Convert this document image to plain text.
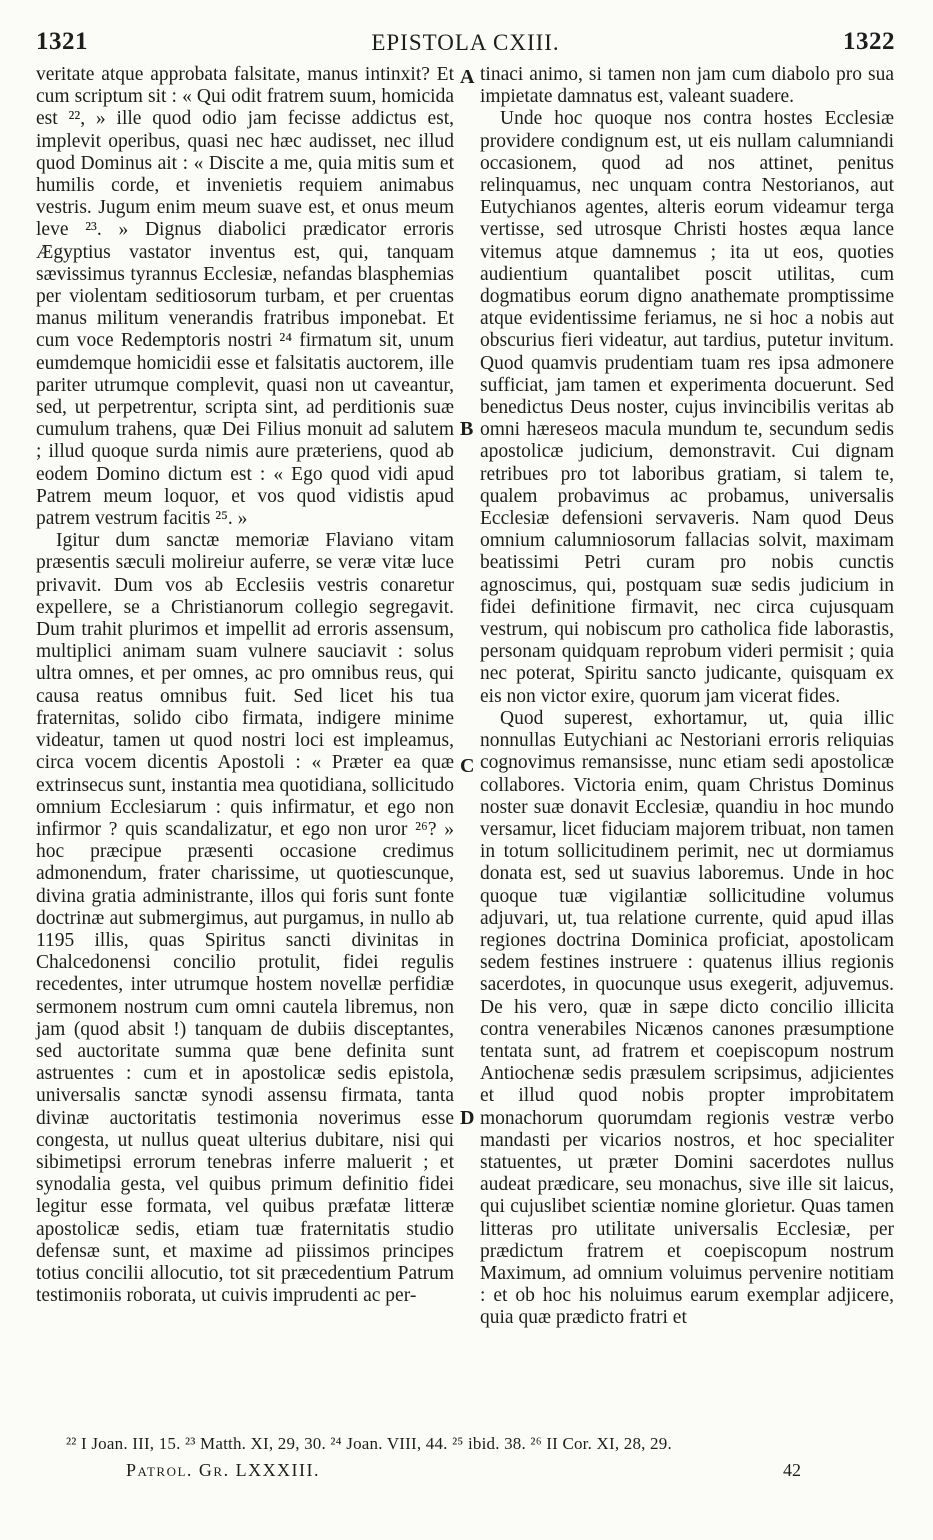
1321	EPISTOLA CXIII.	1322

veritate atque approbata falsitate, manus intinxit? Et cum scriptum sit : « Qui odit fratrem suum, homicida est ²², » ille quod odio jam fecisse addictus est, implevit operibus, quasi nec hæc audisset, nec illud quod Dominus ait : « Discite a me, quia mitis sum et humilis corde, et invenietis requiem animabus vestris. Jugum enim meum suave est, et onus meum leve ²³. » Dignus diabolici prædicator erroris Ægyptius vastator inventus est, qui, tanquam sævissimus tyrannus Ecclesiæ, nefandas blasphemias per violentam seditiosorum turbam, et per cruentas manus militum venerandis fratribus imponebat. Et cum voce Redemptoris nostri ²⁴ firmatum sit, unum eumdemque homicidii esse et falsitatis auctorem, ille pariter utrumque complevit, quasi non ut caveantur, sed, ut perpetrentur, scripta sint, ad perditionis suæ cumulum trahens, quæ Dei Filius monuit ad salutem ; illud quoque surda nimis aure præteriens, quod ab eodem Domino dictum est : « Ego quod vidi apud Patrem meum loquor, et vos quod vidistis apud patrem vestrum facitis ²⁵. »

Igitur dum sanctæ memoriæ Flaviano vitam præsentis sæculi molireiur auferre, se veræ vitæ luce privavit. Dum vos ab Ecclesiis vestris conaretur expellere, se a Christianorum collegio segregavit. Dum trahit plurimos et impellit ad erroris assensum, multiplici animam suam vulnere sauciavit : solus ultra omnes, et per omnes, ac pro omnibus reus, qui causa reatus omnibus fuit. Sed licet his tua fraternitas, solido cibo firmata, indigere minime videatur, tamen ut quod nostri loci est impleamus, circa vocem dicentis Apostoli : « Præter ea quæ extrinsecus sunt, instantia mea quotidiana, sollicitudo omnium Ecclesiarum : quis infirmatur, et ego non infirmor ? quis scandalizatur, et ego non uror ²⁶? » hoc præcipue præsenti occasione credimus admonendum, frater charissime, ut quotiescunque, divina gratia administrante, illos qui foris sunt fonte doctrinæ aut submergimus, aut purgamus, in nullo ab 1195 illis, quas Spiritus sancti divinitas in Chalcedonensi concilio protulit, fidei regulis recedentes, inter utrumque hostem novellæ perfidiæ sermonem nostrum cum omni cautela libremus, non jam (quod absit !) tanquam de dubiis disceptantes, sed auctoritate summa quæ bene definita sunt astruentes : cum et in apostolicæ sedis epistola, universalis sanctæ synodi assensu firmata, tanta divinæ auctoritatis testimonia noverimus esse congesta, ut nullus queat ulterius dubitare, nisi qui sibimetipsi errorum tenebras inferre maluerit ; et synodalia gesta, vel quibus primum definitio fidei legitur esse formata, vel quibus præfatæ litteræ apostolicæ sedis, etiam tuæ fraternitatis studio defensæ sunt, et maxime ad piissimos principes totius concilii allocutio, tot sit præcedentium Patrum testimoniis roborata, ut cuivis imprudenti ac per-

A
B
C
D

tinaci animo, si tamen non jam cum diabolo pro sua impietate damnatus est, valeant suadere.

Unde hoc quoque nos contra hostes Ecclesiæ providere condignum est, ut eis nullam calumniandi occasionem, quod ad nos attinet, penitus relinquamus, nec unquam contra Nestorianos, aut Eutychianos agentes, alteris eorum videamur terga vertisse, sed utrosque Christi hostes æqua lance vitemus atque damnemus ; ita ut eos, quoties audientium quantalibet poscit utilitas, cum dogmatibus eorum digno anathemate promptissime atque evidentissime feriamus, ne si hoc a nobis aut obscurius fieri videatur, aut tardius, putetur invitum. Quod quamvis prudentiam tuam res ipsa admonere sufficiat, jam tamen et experimenta docuerunt. Sed benedictus Deus noster, cujus invincibilis veritas ab omni hæreseos macula mundum te, secundum sedis apostolicæ judicium, demonstravit. Cui dignam retribues pro tot laboribus gratiam, si talem te, qualem probavimus ac probamus, universalis Ecclesiæ defensioni servaveris. Nam quod Deus omnium calumniosorum fallacias solvit, maximam beatissimi Petri curam pro nobis cunctis agnoscimus, qui, postquam suæ sedis judicium in fidei definitione firmavit, nec circa cujusquam vestrum, qui nobiscum pro catholica fide laborastis, personam quidquam reprobum videri permisit ; quia nec poterat, Spiritu sancto judicante, quisquam ex eis non victor exire, quorum jam vicerat fides.

Quod superest, exhortamur, ut, quia illic nonnullas Eutychiani ac Nestoriani erroris reliquias cognovimus remansisse, nunc etiam sedi apostolicæ collabores. Victoria enim, quam Christus Dominus noster suæ donavit Ecclesiæ, quandiu in hoc mundo versamur, licet fiduciam majorem tribuat, non tamen in totum sollicitudinem perimit, nec ut dormiamus donata est, sed ut suavius laboremus. Unde in hoc quoque tuæ vigilantiæ sollicitudine volumus adjuvari, ut, tua relatione currente, quid apud illas regiones doctrina Dominica proficiat, apostolicam sedem festines instruere : quatenus illius regionis sacerdotes, in quocunque usus exegerit, adjuvemus. De his vero, quæ in sæpe dicto concilio illicita contra venerabiles Nicænos canones præsumptione tentata sunt, ad fratrem et coepiscopum nostrum Antiochenæ sedis præsulem scripsimus, adjicientes et illud quod nobis propter improbitatem monachorum quorumdam regionis vestræ verbo mandasti per vicarios nostros, et hoc specialiter statuentes, ut præter Domini sacerdotes nullus audeat prædicare, seu monachus, sive ille sit laicus, qui cujuslibet scientiæ nomine glorietur. Quas tamen litteras pro utilitate universalis Ecclesiæ, per prædictum fratrem et coepiscopum nostrum Maximum, ad omnium voluimus pervenire notitiam : et ob hoc his noluimus earum exemplar adjicere, quia quæ prædicto fratri et

²² I Joan. III, 15. ²³ Matth. XI, 29, 30. ²⁴ Joan. VIII, 44. ²⁵ ibid. 38. ²⁶ II Cor. XI, 28, 29.
Patrol. Gr. LXXXIII.	42
